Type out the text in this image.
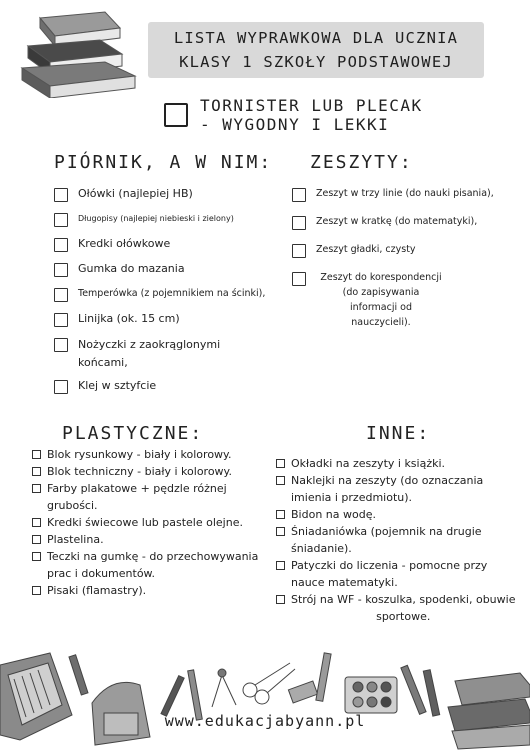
LISTA WYPRAWKOWA DLA UCZNIA
KLASY 1 SZKOŁY PODSTAWOWEJ
TORNISTER LUB PLECAK
- WYGODNY I LEKKI
PIÓRNIK, A W NIM:
Ołówki (najlepiej HB)
Długopisy (najlepiej niebieski i zielony)
Kredki ołówkowe
Gumka do mazania
Temperówka (z pojemnikiem na ścinki),
Linijka (ok. 15 cm)
Nożyczki z zaokrąglonymi
końcami,
Klej w sztyfcie
ZESZYTY:
Zeszyt w trzy linie (do nauki pisania),
Zeszyt w kratkę (do matematyki),
Zeszyt gładki, czysty
Zeszyt do korespondencji
(do zapisywania
informacji od
nauczycieli).
PLASTYCZNE:
Blok rysunkowy - biały i kolorowy.
Blok techniczny - biały i kolorowy.
Farby plakatowe + pędzle różnej
grubości.
Kredki świecowe lub pastele olejne.
Plastelina.
Teczki na gumkę - do przechowywania
prac i dokumentów.
Pisaki (flamastry).
INNE:
Okładki na zeszyty i książki.
Naklejki na zeszyty (do oznaczania
imienia i przedmiotu).
Bidon na wodę.
Śniadaniówka (pojemnik na drugie
śniadanie).
Patyczki do liczenia - pomocne przy
nauce matematyki.
Strój na WF - koszulka, spodenki, obuwie
sportowe.
www.edukacjabyann.pl
